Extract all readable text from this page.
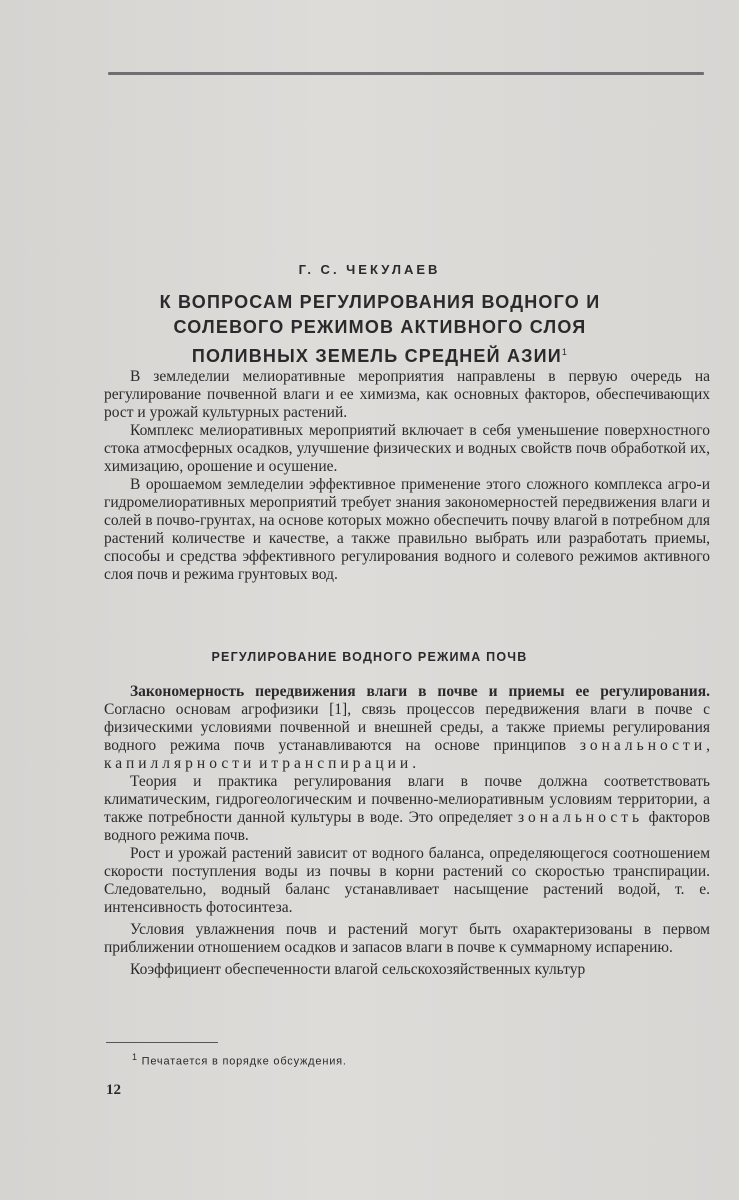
Г. С. ЧЕКУЛАЕВ
К ВОПРОСАМ РЕГУЛИРОВАНИЯ ВОДНОГО И СОЛЕВОГО РЕЖИМОВ АКТИВНОГО СЛОЯ ПОЛИВНЫХ ЗЕМЕЛЬ СРЕДНЕЙ АЗИИ$^1$

В земледелии мелиоративные мероприятия направлены в первую очередь на регулирование почвенной влаги и ее химизма, как основных факторов, обеспечивающих рост и урожай культурных растений.

Комплекс мелиоративных мероприятий включает в себя уменьшение поверхностного стока атмосферных осадков, улучшение физических и водных свойств почв обработкой их, химизацию, орошение и осушение.

В орошаемом земледелии эффективное применение этого сложного комплекса агро-и гидромелиоративных мероприятий требует знания закономерностей передвижения влаги и солей в почво-грунтах, на основе которых можно обеспечить почву влагой в потребном для растений количестве и качестве, а также правильно выбрать или разработать приемы, способы и средства эффективного регулирования водного и солевого режимов активного слоя почв и режима грунтовых вод.

РЕГУЛИРОВАНИЕ ВОДНОГО РЕЖИМА ПОЧВ

Закономерность передвижения влаги в почве и приемы ее регулирования. Согласно основам агрофизики [1], связь процессов передвижения влаги в почве с физическими условиями почвенной и внешней среды, а также приемы регулирования водного режима почв устанавливаются на основе принципов зональности, капиллярности и транспирации.

Теория и практика регулирования влаги в почве должна соответствовать климатическим, гидрогеологическим и почвенно-мелиоративным условиям территории, а также потребности данной культуры в воде. Это определяет зональность факторов водного режима почв.

Рост и урожай растений зависит от водного баланса, определяющегося соотношением скорости поступления воды из почвы в корни растений со скоростью транспирации. Следовательно, водный баланс устанавливает насыщение растений водой, т. е. интенсивность фотосинтеза.

Условия увлажнения почв и растений могут быть охарактеризованы в первом приближении отношением осадков и запасов влаги в почве к суммарному испарению.

Коэффициент обеспеченности влагой сельскохозяйственных культур

$^1$ Печатается в порядке обсуждения.
12
